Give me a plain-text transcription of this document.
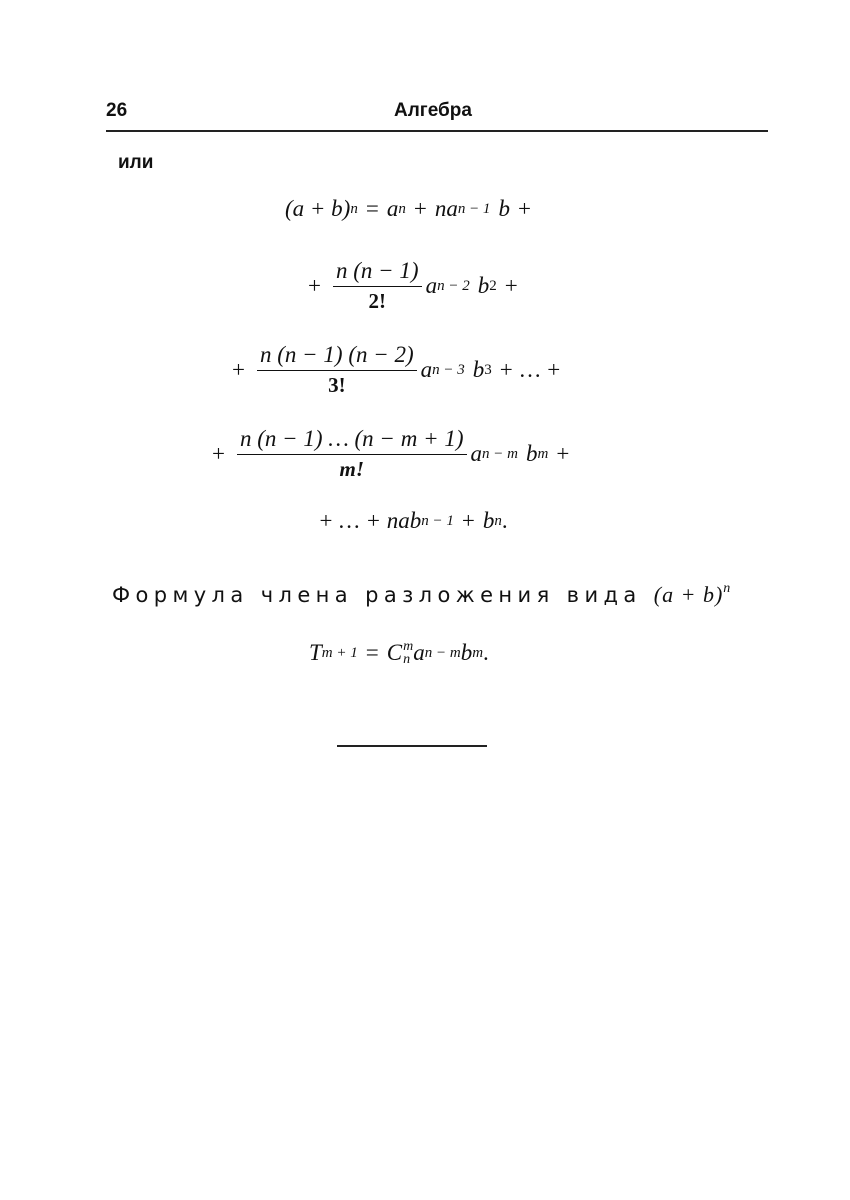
26	Алгебра
или
(a + b) n = a n + na n − 1 b +
+ $\frac{n (n - 1)}{2!}$ a n − 2 b 2 +
+ $\frac{n (n - 1) (n - 2)}{3!}$ a n − 3 b 3 + … +
+ $\frac{n (n - 1) \dots (n - m + 1)}{m!}$ a n − m b m +
+ … + nab n − 1 + b n .
Формула члена разложения вида $(a + b)^n$
T m + 1 = C m
n a n − m b m .
